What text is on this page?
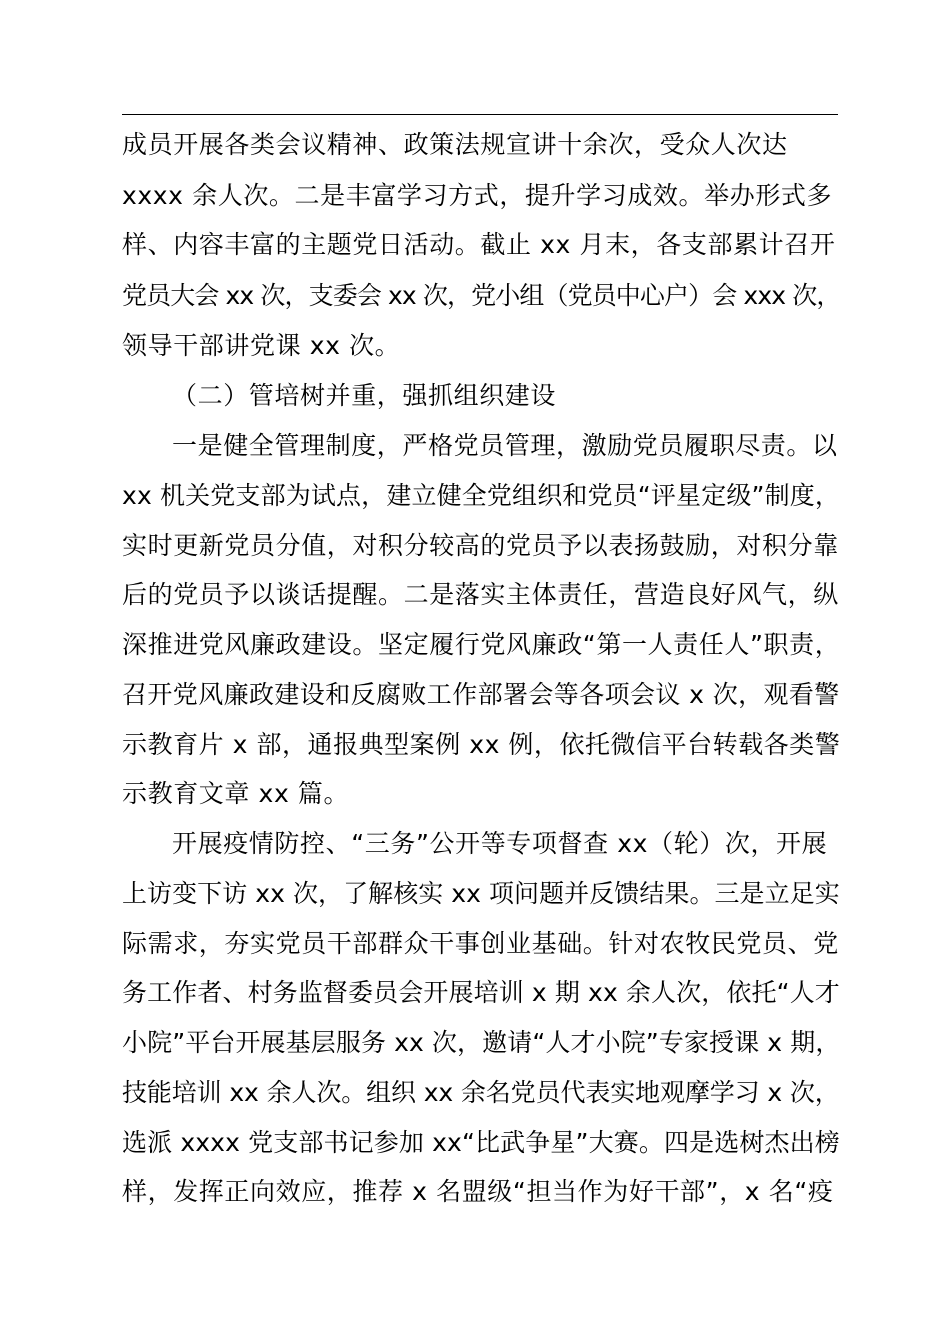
成员开展各类会议精神、政策法规宣讲十余次，受众人次达
xxxx 余人次。二是丰富学习方式，提升学习成效。举办形式多
样、内容丰富的主题党日活动。截止 xx 月末，各支部累计召开
党员大会 xx 次，支委会 xx 次，党小组（党员中心户）会 xxx 次，
领导干部讲党课 xx 次。
（二）管培树并重，强抓组织建设
一是健全管理制度，严格党员管理，激励党员履职尽责。以
xx 机关党支部为试点，建立健全党组织和党员“评星定级”制度，
实时更新党员分值，对积分较高的党员予以表扬鼓励，对积分靠
后的党员予以谈话提醒。二是落实主体责任，营造良好风气，纵
深推进党风廉政建设。坚定履行党风廉政“第一人责任人”职责，
召开党风廉政建设和反腐败工作部署会等各项会议 x 次，观看警
示教育片 x 部，通报典型案例 xx 例，依托微信平台转载各类警
示教育文章 xx 篇。
开展疫情防控、“三务”公开等专项督查 xx（轮）次，开展
上访变下访 xx 次，了解核实 xx 项问题并反馈结果。三是立足实
际需求，夯实党员干部群众干事创业基础。针对农牧民党员、党
务工作者、村务监督委员会开展培训 x 期 xx 余人次，依托“人才
小院”平台开展基层服务 xx 次，邀请“人才小院”专家授课 x 期，
技能培训 xx 余人次。组织 xx 余名党员代表实地观摩学习 x 次，
选派 xxxx 党支部书记参加 xx“比武争星”大赛。四是选树杰出榜
样，发挥正向效应，推荐 x 名盟级“担当作为好干部”，x 名“疫
